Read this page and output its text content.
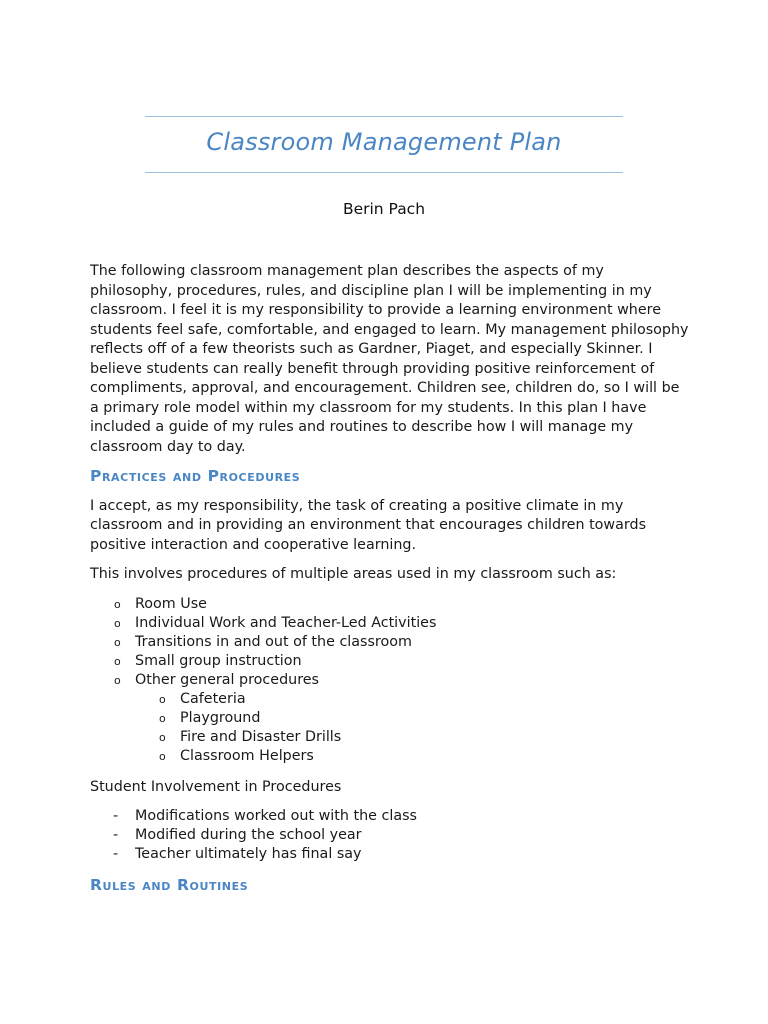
Classroom Management Plan
Berin Pach

The following classroom management plan describes the aspects of my philosophy, procedures, rules, and discipline plan I will be implementing in my classroom. I feel it is my responsibility to provide a learning environment where students feel safe, comfortable, and engaged to learn. My management philosophy reflects off of a few theorists such as Gardner, Piaget, and especially Skinner. I believe students can really benefit through providing positive reinforcement of compliments, approval, and encouragement. Children see, children do, so I will be a primary role model within my classroom for my students. In this plan I have included a guide of my rules and routines to describe how I will manage my classroom day to day.

Practices and Procedures

I accept, as my responsibility, the task of creating a positive climate in my classroom and in providing an environment that encourages children towards positive interaction and cooperative learning.

This involves procedures of multiple areas used in my classroom such as:

o Room Use
o Individual Work and Teacher-Led Activities
o Transitions in and out of the classroom
o Small group instruction
o Other general procedures
o Cafeteria
o Playground
o Fire and Disaster Drills
o Classroom Helpers

Student Involvement in Procedures

- Modifications worked out with the class
- Modified during the school year
- Teacher ultimately has final say
Rules and Routines
